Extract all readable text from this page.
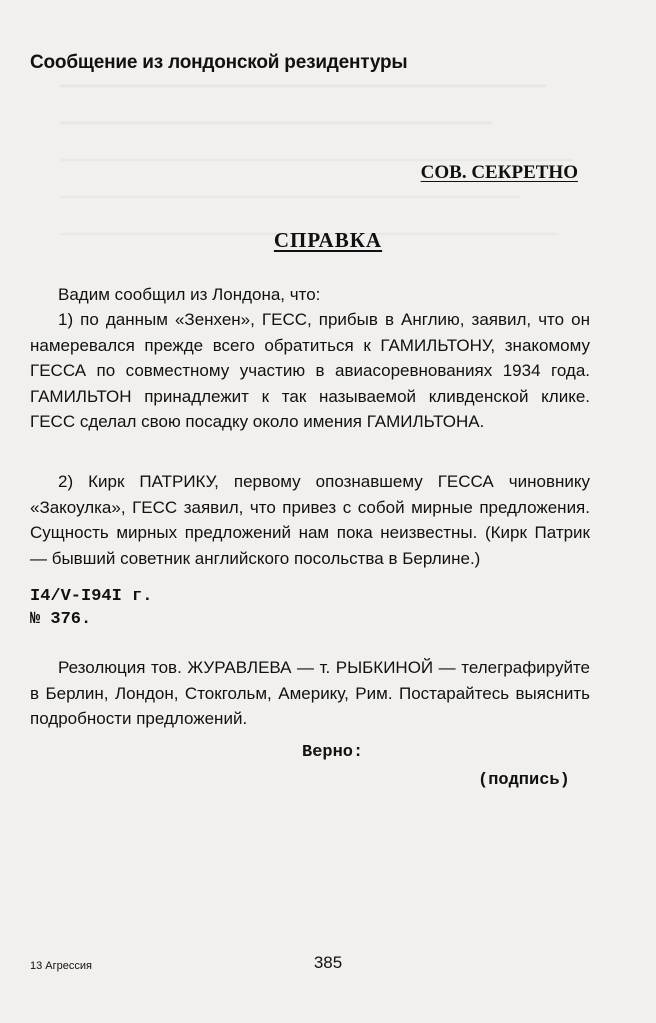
Сообщение из лондонской резидентуры
СОВ. СЕКРЕТНО
СПРАВКА
Вадим сообщил из Лондона, что:
1) по данным «Зенхен», ГЕСС, прибыв в Англию, заявил, что он намеревался прежде всего обратиться к ГАМИЛЬТОНУ, знакомому ГЕССА по совместному участию в авиасоревнованиях 1934 года. ГАМИЛЬТОН принадлежит к так называемой кливденской клике. ГЕСС сделал свою посадку около имения ГАМИЛЬТОНА.
2) Кирк ПАТРИКУ, первому опознавшему ГЕССА чиновнику «Закоулка», ГЕСС заявил, что привез с собой мирные предложения. Сущность мирных предложений нам пока неизвестны. (Кирк Патрик — бывший советник английского посольства в Берлине.)
I4/V-I94I г.
№ 376.
Резолюция тов. ЖУРАВЛЕВА — т. РЫБКИНОЙ — телеграфируйте в Берлин, Лондон, Стокгольм, Америку, Рим. Постарайтесь выяснить подробности предложений.
Верно:
(подпись)
13 Агрессия	385
